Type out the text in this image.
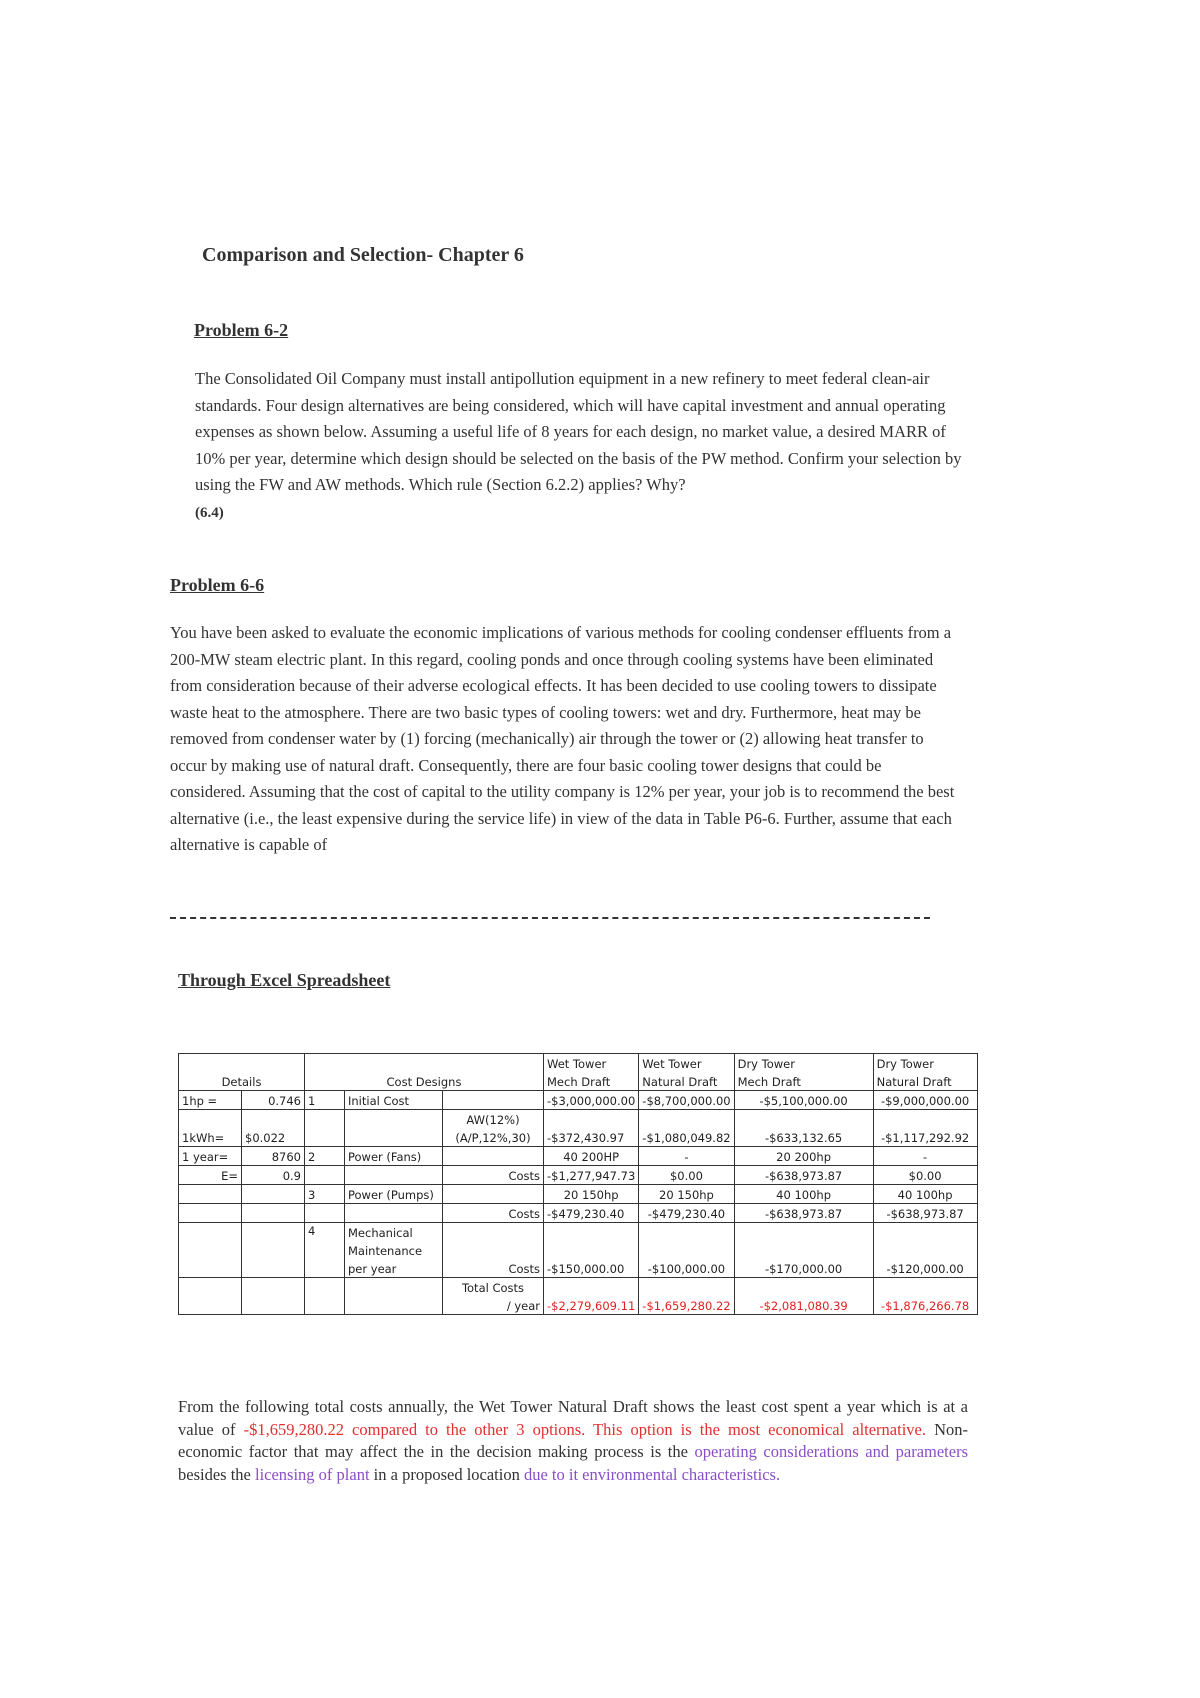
Comparison and Selection- Chapter 6
Problem 6-2
The Consolidated Oil Company must install antipollution equipment in a new refinery to meet federal clean-air standards. Four design alternatives are being considered, which will have capital investment and annual operating expenses as shown below. Assuming a useful life of 8 years for each design, no market value, a desired MARR of 10% per year, determine which design should be selected on the basis of the PW method. Confirm your selection by using the FW and AW methods. Which rule (Section 6.2.2) applies? Why?
(6.4)
Problem 6-6
You have been asked to evaluate the economic implications of various methods for cooling condenser effluents from a 200-MW steam electric plant. In this regard, cooling ponds and once through cooling systems have been eliminated from consideration because of their adverse ecological effects. It has been decided to use cooling towers to dissipate waste heat to the atmosphere. There are two basic types of cooling towers: wet and dry. Furthermore, heat may be removed from condenser water by (1) forcing (mechanically) air through the tower or (2) allowing heat transfer to occur by making use of natural draft. Consequently, there are four basic cooling tower designs that could be considered. Assuming that the cost of capital to the utility company is 12% per year, your job is to recommend the best alternative (i.e., the least expensive during the service life) in view of the data in Table P6-6. Further, assume that each alternative is capable of
Through Excel Spreadsheet
					Wet Tower	Wet Tower	Dry Tower	Dry Tower
Details		Cost Designs			Mech Draft	Natural Draft	Mech Draft	Natural Draft
1hp =	0.746	1	Initial Cost		-$3,000,000.00	-$8,700,000.00	-$5,100,000.00	-$9,000,000.00
				AW(12%)				
1kWh=	$0.022			(A/P,12%,30)	-$372,430.97	-$1,080,049.82	-$633,132.65	-$1,117,292.92
1 year=	8760	2	Power (Fans)		40 200HP	-	20 200hp	-
E=	0.9			Costs	-$1,277,947.73	$0.00	-$638,973.87	$0.00
		3	Power (Pumps)		20 150hp	20 150hp	40 100hp	40 100hp
				Costs	-$479,230.40	-$479,230.40	-$638,973.87	-$638,973.87
		4	Mechanical					
			Maintenance					
			per year	Costs	-$150,000.00	-$100,000.00	-$170,000.00	-$120,000.00
				Total Costs				
				/ year	-$2,279,609.11	-$1,659,280.22	-$2,081,080.39	-$1,876,266.78
From the following total costs annually, the Wet Tower Natural Draft shows the least cost spent a year which is at a value of -$1,659,280.22 compared to the other 3 options. This option is the most economical alternative. Non-economic factor that may affect the in the decision making process is the operating considerations and parameters besides the licensing of plant in a proposed location due to it environmental characteristics.
